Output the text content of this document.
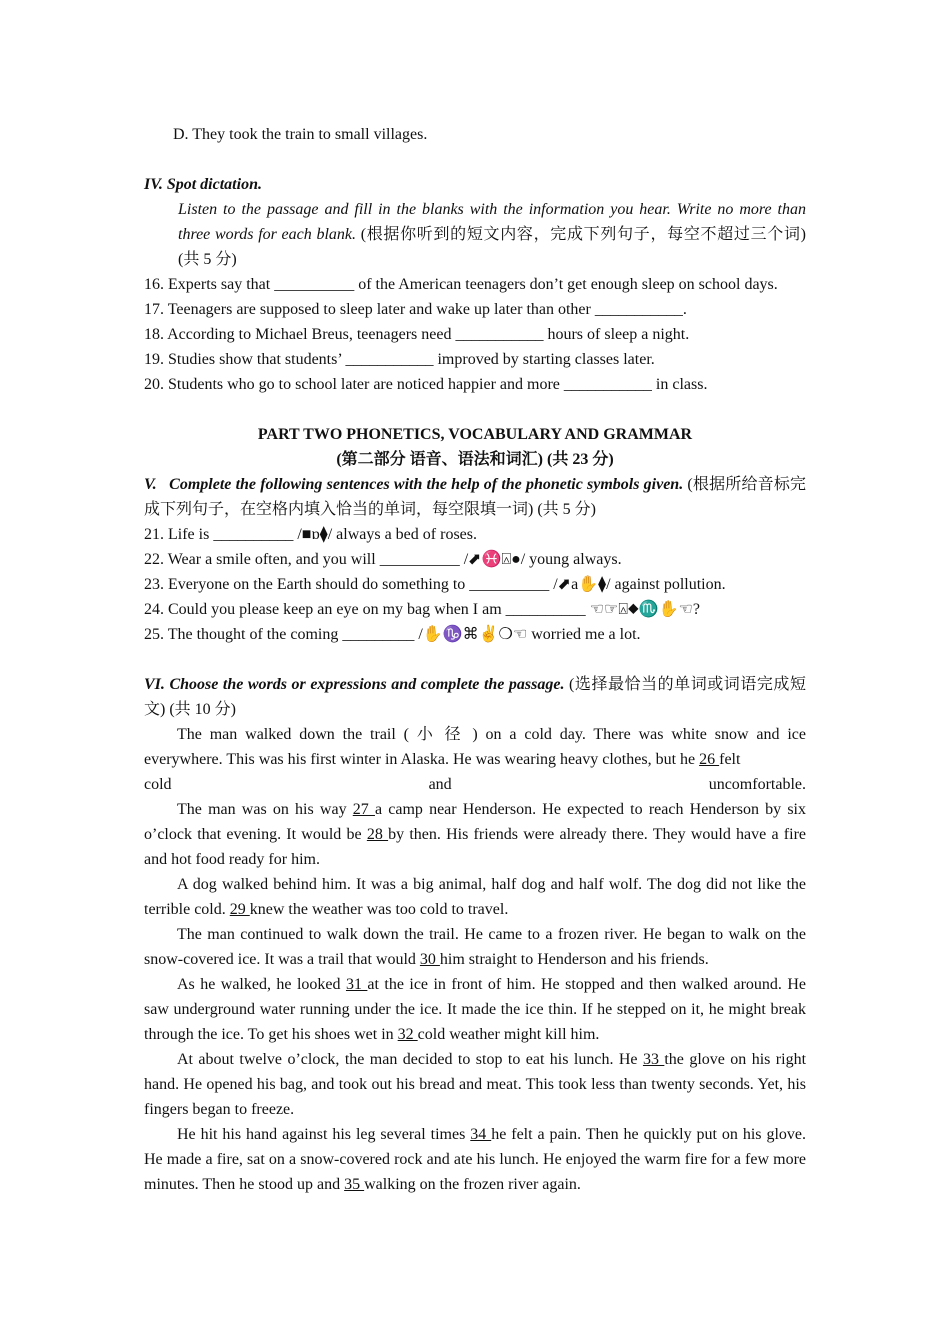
D. They took the train to small villages.
IV. Spot dictation.
Listen to the passage and fill in the blanks with the information you hear. Write no more than three words for each blank. (根据你听到的短文内容，完成下列句子，每空不超过三个词) (共 5 分)
16. Experts say that __________ of the American teenagers don’t get enough sleep on school days.
17. Teenagers are supposed to sleep later and wake up later than other ___________.
18. According to Michael Breus, teenagers need ___________ hours of sleep a night.
19. Studies show that students’ ___________ improved by starting classes later.
20. Students who go to school later are noticed happier and more ___________ in class.
PART TWO PHONETICS, VOCABULARY AND GRAMMAR
(第二部分 语音、语法和词汇) (共 23 分)
V. Complete the following sentences with the help of the phonetic symbols given. (根据所给音标完成下列句子，在空格内填入恰当的单词，每空限填一词) (共 5 分)
21. Life is __________ /■ɒ⧫/ always a bed of roses.
22. Wear a smile often, and you will __________ /⬈♓⍓●/ young always.
23. Everyone on the Earth should do something to __________ /⬈a✋⧫/ against pollution.
24. Could you please keep an eye on my bag when I am __________ ☜☞⍓⬥♏✋☜?
25. The thought of the coming _________ /✋♑⌘✌❍☜ worried me a lot.
VI. Choose the words or expressions and complete the passage. (选择最恰当的单词或词语完成短文) (共 10 分)
The man walked down the trail ( 小 径 ) on a cold day. There was white snow and ice everywhere. This was his first winter in Alaska. He was wearing heavy clothes, but he 26 felt
cold and uncomfortable.
The man was on his way 27 a camp near Henderson. He expected to reach Henderson by six o’clock that evening. It would be 28 by then. His friends were already there. They would have a fire and hot food ready for him.
A dog walked behind him. It was a big animal, half dog and half wolf. The dog did not like the terrible cold. 29 knew the weather was too cold to travel.
The man continued to walk down the trail. He came to a frozen river. He began to walk on the snow-covered ice. It was a trail that would 30 him straight to Henderson and his friends.
As he walked, he looked 31 at the ice in front of him. He stopped and then walked around. He saw underground water running under the ice. It made the ice thin. If he stepped on it, he might break through the ice. To get his shoes wet in 32 cold weather might kill him.
At about twelve o’clock, the man decided to stop to eat his lunch. He 33 the glove on his right hand. He opened his bag, and took out his bread and meat. This took less than twenty seconds. Yet, his fingers began to freeze.
He hit his hand against his leg several times 34 he felt a pain. Then he quickly put on his glove. He made a fire, sat on a snow-covered rock and ate his lunch. He enjoyed the warm fire for a few more minutes. Then he stood up and 35 walking on the frozen river again.
